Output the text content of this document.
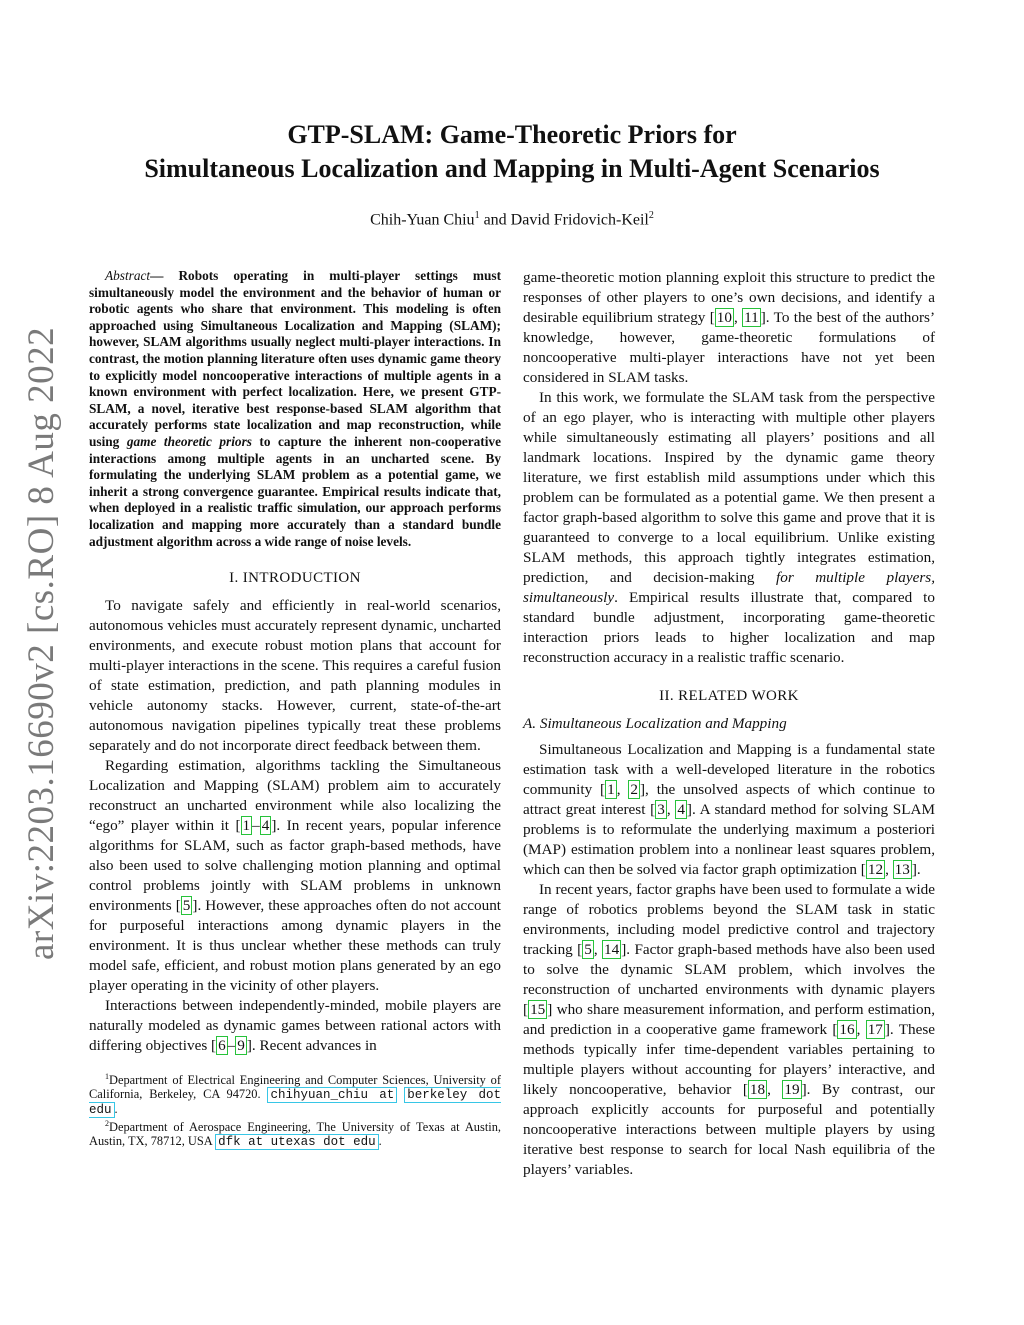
arXiv:2203.16690v2 [cs.RO] 8 Aug 2022
GTP-SLAM: Game-Theoretic Priors for
Simultaneous Localization and Mapping in Multi-Agent Scenarios
Chih-Yuan Chiu$^1$ and David Fridovich-Keil$^2$

Abstract— Robots operating in multi-player settings must simultaneously model the environment and the behavior of human or robotic agents who share that environment. This modeling is often approached using Simultaneous Localization and Mapping (SLAM); however, SLAM algorithms usually neglect multi-player interactions. In contrast, the motion planning literature often uses dynamic game theory to explicitly model noncooperative interactions of multiple agents in a known environment with perfect localization. Here, we present GTP-SLAM, a novel, iterative best response-based SLAM algorithm that accurately performs state localization and map reconstruction, while using game theoretic priors to capture the inherent non-cooperative interactions among multiple agents in an uncharted scene. By formulating the underlying SLAM problem as a potential game, we inherit a strong convergence guarantee. Empirical results indicate that, when deployed in a realistic traffic simulation, our approach performs localization and mapping more accurately than a standard bundle adjustment algorithm across a wide range of noise levels.

I. INTRODUCTION

To navigate safely and efficiently in real-world scenarios, autonomous vehicles must accurately represent dynamic, uncharted environments, and execute robust motion plans that account for multi-player interactions in the scene. This requires a careful fusion of state estimation, prediction, and path planning modules in vehicle autonomy stacks. However, current, state-of-the-art autonomous navigation pipelines typically treat these problems separately and do not incorporate direct feedback between them.

Regarding estimation, algorithms tackling the Simultaneous Localization and Mapping (SLAM) problem aim to accurately reconstruct an uncharted environment while also localizing the “ego” player within it [ 1 – 4 ]. In recent years, popular inference algorithms for SLAM, such as factor graph-based methods, have also been used to solve challenging motion planning and optimal control problems jointly with SLAM problems in unknown environments [ 5 ]. However, these approaches often do not account for purposeful interactions among dynamic players in the environment. It is thus unclear whether these methods can truly model safe, efficient, and robust motion plans generated by an ego player operating in the vicinity of other players.

Interactions between independently-minded, mobile players are naturally modeled as dynamic games between rational actors with differing objectives [ 6 – 9 ]. Recent advances in

$^1$Department of Electrical Engineering and Computer Sciences, University of California, Berkeley, CA 94720. chihyuan_chiu at berkeley dot edu .

$^2$Department of Aerospace Engineering, The University of Texas at Austin, Austin, TX, 78712, USA dfk at utexas dot edu .

game-theoretic motion planning exploit this structure to predict the responses of other players to one’s own decisions, and identify a desirable equilibrium strategy [ 10 , 11 ]. To the best of the authors’ knowledge, however, game-theoretic formulations of noncooperative multi-player interactions have not yet been considered in SLAM tasks.

In this work, we formulate the SLAM task from the perspective of an ego player, who is interacting with multiple other players while simultaneously estimating all players’ positions and all landmark locations. Inspired by the dynamic game theory literature, we first establish mild assumptions under which this problem can be formulated as a potential game. We then present a factor graph-based algorithm to solve this game and prove that it is guaranteed to converge to a local equilibrium. Unlike existing SLAM methods, this approach tightly integrates estimation, prediction, and decision-making for multiple players, simultaneously. Empirical results illustrate that, compared to standard bundle adjustment, incorporating game-theoretic interaction priors leads to higher localization and map reconstruction accuracy in a realistic traffic scenario.

II. RELATED WORK
A. Simultaneous Localization and Mapping

Simultaneous Localization and Mapping is a fundamental state estimation task with a well-developed literature in the robotics community [ 1 , 2 ], the unsolved aspects of which continue to attract great interest [ 3 , 4 ]. A standard method for solving SLAM problems is to reformulate the underlying maximum a posteriori (MAP) estimation problem into a nonlinear least squares problem, which can then be solved via factor graph optimization [ 12 , 13 ].

In recent years, factor graphs have been used to formulate a wide range of robotics problems beyond the SLAM task in static environments, including model predictive control and trajectory tracking [ 5 , 14 ]. Factor graph-based methods have also been used to solve the dynamic SLAM problem, which involves the reconstruction of uncharted environments with dynamic players [ 15 ] who share measurement information, and perform estimation, and prediction in a cooperative game framework [ 16 , 17 ]. These methods typically infer time-dependent variables pertaining to multiple players without accounting for players’ interactive, and likely noncooperative, behavior [ 18 , 19 ]. By contrast, our approach explicitly accounts for purposeful and potentially noncooperative interactions between multiple players by using iterative best response to search for local Nash equilibria of the players’ variables.
